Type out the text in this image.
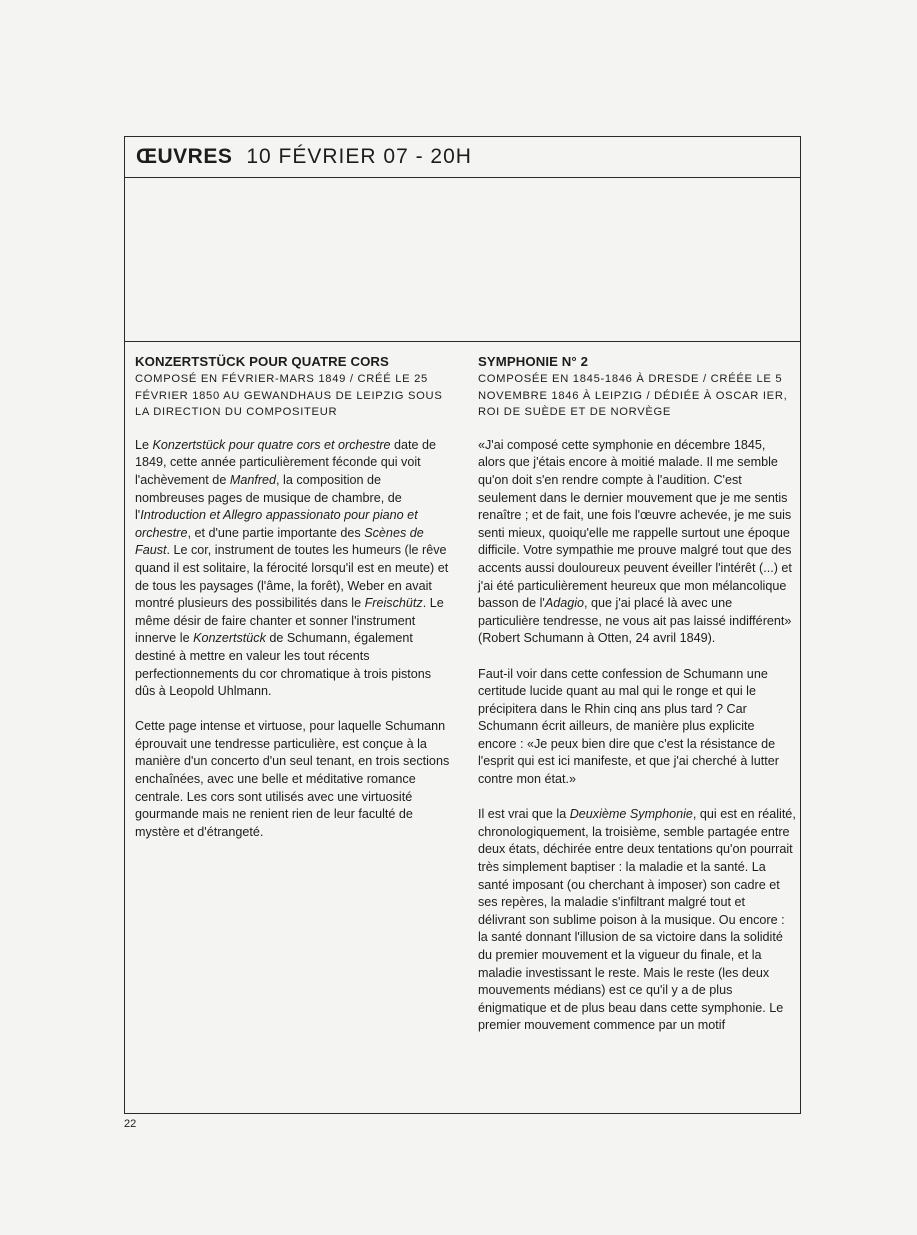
ŒUVRES 10 FÉVRIER 07 - 20H

KONZERTSTÜCK POUR QUATRE CORS

COMPOSÉ EN FÉVRIER-MARS 1849 / CRÉÉ LE 25 FÉVRIER 1850 AU GEWANDHAUS DE LEIPZIG SOUS LA DIRECTION DU COMPOSITEUR

Le Konzertstück pour quatre cors et orchestre date de 1849, cette année particulièrement féconde qui voit l'achèvement de Manfred, la composition de nombreuses pages de musique de chambre, de l'Introduction et Allegro appassionato pour piano et orchestre, et d'une partie importante des Scènes de Faust. Le cor, instrument de toutes les humeurs (le rêve quand il est solitaire, la férocité lorsqu'il est en meute) et de tous les paysages (l'âme, la forêt), Weber en avait montré plusieurs des possibilités dans le Freischütz. Le même désir de faire chanter et sonner l'instrument innerve le Konzertstück de Schumann, également destiné à mettre en valeur les tout récents perfectionnements du cor chromatique à trois pistons dûs à Leopold Uhlmann.

Cette page intense et virtuose, pour laquelle Schumann éprouvait une tendresse particulière, est conçue à la manière d'un concerto d'un seul tenant, en trois sections enchaînées, avec une belle et méditative romance centrale. Les cors sont utilisés avec une virtuosité gourmande mais ne renient rien de leur faculté de mystère et d'étrangeté.

SYMPHONIE N° 2

COMPOSÉE EN 1845-1846 À DRESDE / CRÉÉE LE 5 NOVEMBRE 1846 À LEIPZIG / DÉDIÉE À OSCAR IER, ROI DE SUÈDE ET DE NORVÈGE

«J'ai composé cette symphonie en décembre 1845, alors que j'étais encore à moitié malade. Il me semble qu'on doit s'en rendre compte à l'audition. C'est seulement dans le dernier mouvement que je me sentis renaître ; et de fait, une fois l'œuvre achevée, je me suis senti mieux, quoiqu'elle me rappelle surtout une époque difficile. Votre sympathie me prouve malgré tout que des accents aussi douloureux peuvent éveiller l'intérêt (...) et j'ai été particulièrement heureux que mon mélancolique basson de l'Adagio, que j'ai placé là avec une particulière tendresse, ne vous ait pas laissé indifférent» (Robert Schumann à Otten, 24 avril 1849).

Faut-il voir dans cette confession de Schumann une certitude lucide quant au mal qui le ronge et qui le précipitera dans le Rhin cinq ans plus tard ? Car Schumann écrit ailleurs, de manière plus explicite encore : «Je peux bien dire que c'est la résistance de l'esprit qui est ici manifeste, et que j'ai cherché à lutter contre mon état.»

Il est vrai que la Deuxième Symphonie, qui est en réalité, chronologiquement, la troisième, semble partagée entre deux états, déchirée entre deux tentations qu'on pourrait très simplement baptiser : la maladie et la santé. La santé imposant (ou cherchant à imposer) son cadre et ses repères, la maladie s'infiltrant malgré tout et délivrant son sublime poison à la musique. Ou encore : la santé donnant l'illusion de sa victoire dans la solidité du premier mouvement et la vigueur du finale, et la maladie investissant le reste. Mais le reste (les deux mouvements médians) est ce qu'il y a de plus énigmatique et de plus beau dans cette symphonie. Le premier mouvement commence par un motif

22
